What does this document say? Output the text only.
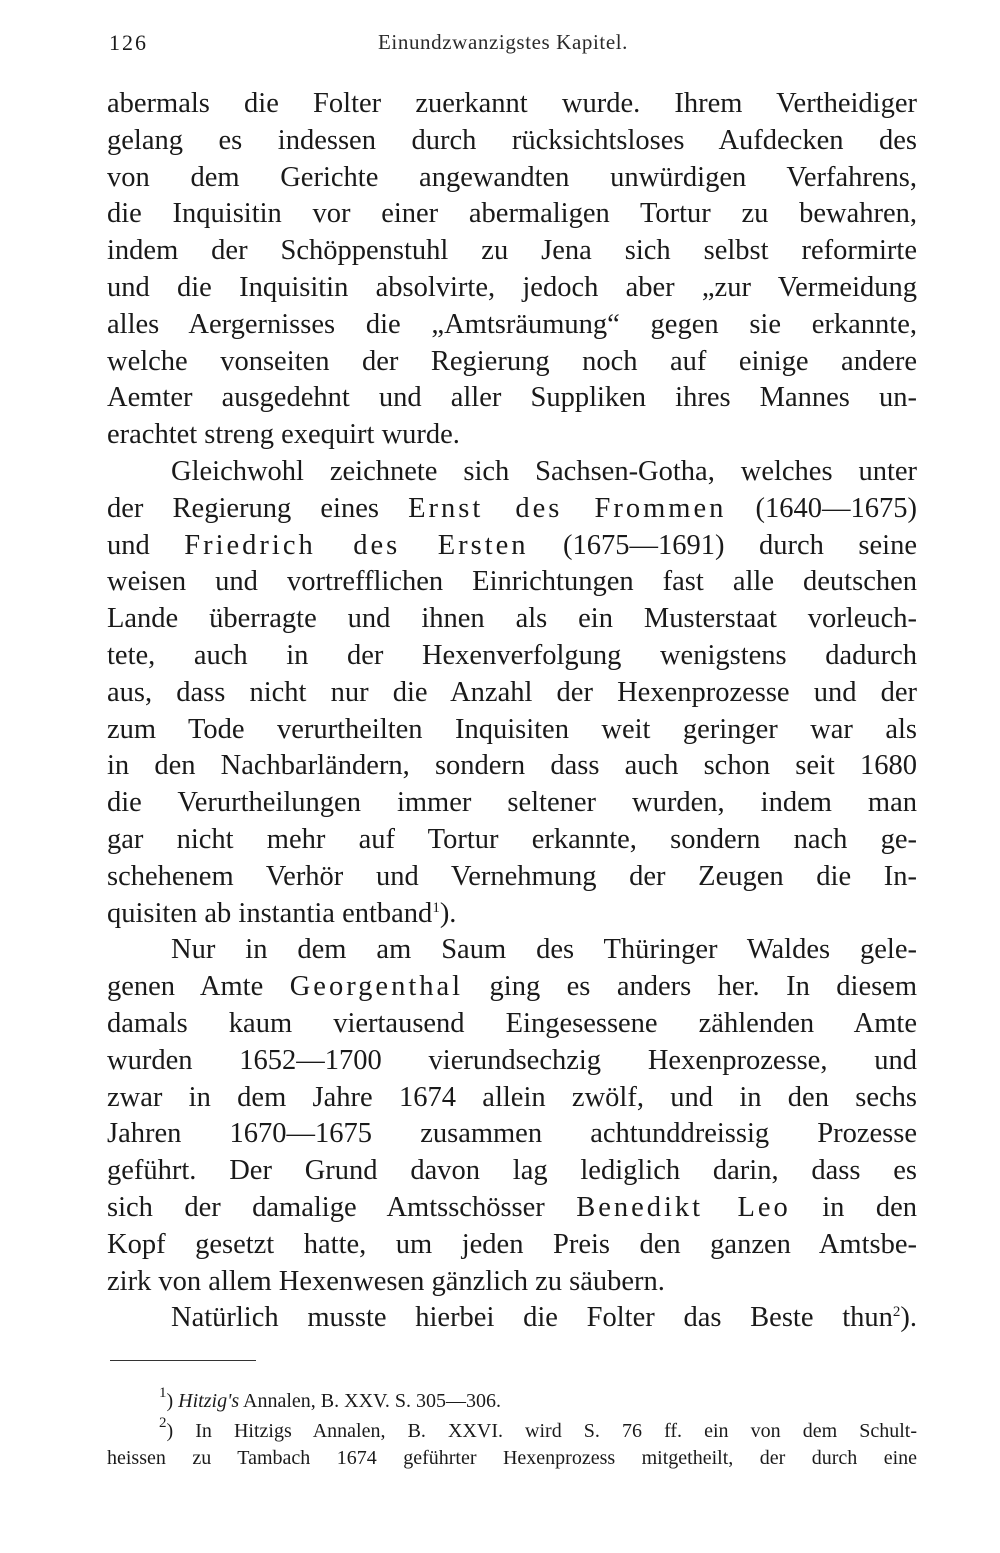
126	Einundzwanzigstes Kapitel.
abermals die Folter zuerkannt wurde. Ihrem Vertheidiger
gelang es indessen durch rücksichtsloses Aufdecken des
von dem Gerichte angewandten unwürdigen Verfahrens,
die Inquisitin vor einer abermaligen Tortur zu bewahren,
indem der Schöppenstuhl zu Jena sich selbst reformirte
und die Inquisitin absolvirte, jedoch aber „zur Vermeidung
alles Aergernisses die „Amtsräumung“ gegen sie erkannte,
welche vonseiten der Regierung noch auf einige andere
Aemter ausgedehnt und aller Suppliken ihres Mannes un-
erachtet streng exequirt wurde.
Gleichwohl zeichnete sich Sachsen-Gotha, welches unter
der Regierung eines Ernst des Frommen (1640—1675)
und Friedrich des Ersten (1675—1691) durch seine
weisen und vortrefflichen Einrichtungen fast alle deutschen
Lande überragte und ihnen als ein Musterstaat vorleuch-
tete, auch in der Hexenverfolgung wenigstens dadurch
aus, dass nicht nur die Anzahl der Hexenprozesse und der
zum Tode verurtheilten Inquisiten weit geringer war als
in den Nachbarländern, sondern dass auch schon seit 1680
die Verurtheilungen immer seltener wurden, indem man
gar nicht mehr auf Tortur erkannte, sondern nach ge-
schehenem Verhör und Vernehmung der Zeugen die In-
quisiten ab instantia entband$^1$).
Nur in dem am Saum des Thüringer Waldes gele-
genen Amte Georgenthal ging es anders her. In diesem
damals kaum viertausend Eingesessene zählenden Amte
wurden 1652—1700 vierundsechzig Hexenprozesse, und
zwar in dem Jahre 1674 allein zwölf, und in den sechs
Jahren 1670—1675 zusammen achtunddreissig Prozesse
geführt. Der Grund davon lag lediglich darin, dass es
sich der damalige Amtsschösser Benedikt Leo in den
Kopf gesetzt hatte, um jeden Preis den ganzen Amtsbe-
zirk von allem Hexenwesen gänzlich zu säubern.
Natürlich musste hierbei die Folter das Beste thun$^2$).
$^1$) Hitzig's Annalen, B. XXV. S. 305—306.
$^2$) In Hitzigs Annalen, B. XXVI. wird S. 76 ff. ein von dem Schult-
heissen zu Tambach 1674 geführter Hexenprozess mitgetheilt, der durch eine
